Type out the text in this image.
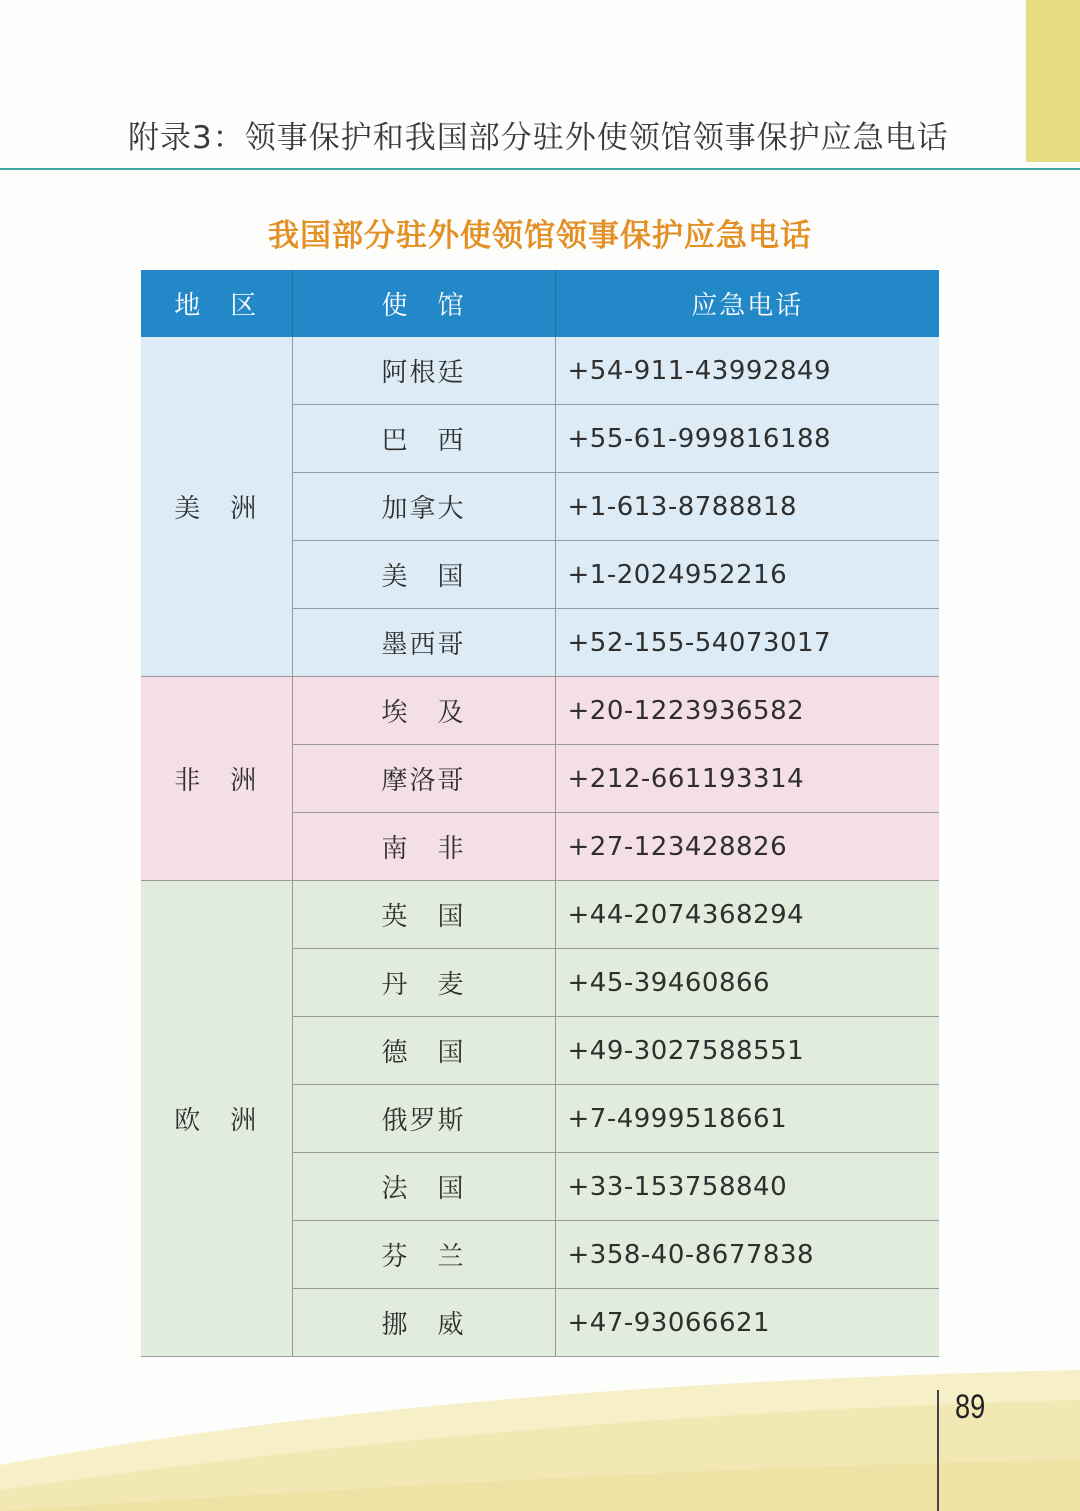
附录3：领事保护和我国部分驻外使领馆领事保护应急电话
我国部分驻外使领馆领事保护应急电话
地　区	使　馆	应急电话
美　洲	阿根廷	+54-911-43992849
	巴　西	+55-61-999816188
	加拿大	+1-613-8788818
	美　国	+1-2024952216
	墨西哥	+52-155-54073017
非　洲	埃　及	+20-1223936582
	摩洛哥	+212-661193314
	南　非	+27-123428826
欧　洲	英　国	+44-2074368294
	丹　麦	+45-39460866
	德　国	+49-3027588551
	俄罗斯	+7-4999518661
	法　国	+33-153758840
	芬　兰	+358-40-8677838
	挪　威	+47-93066621
89
